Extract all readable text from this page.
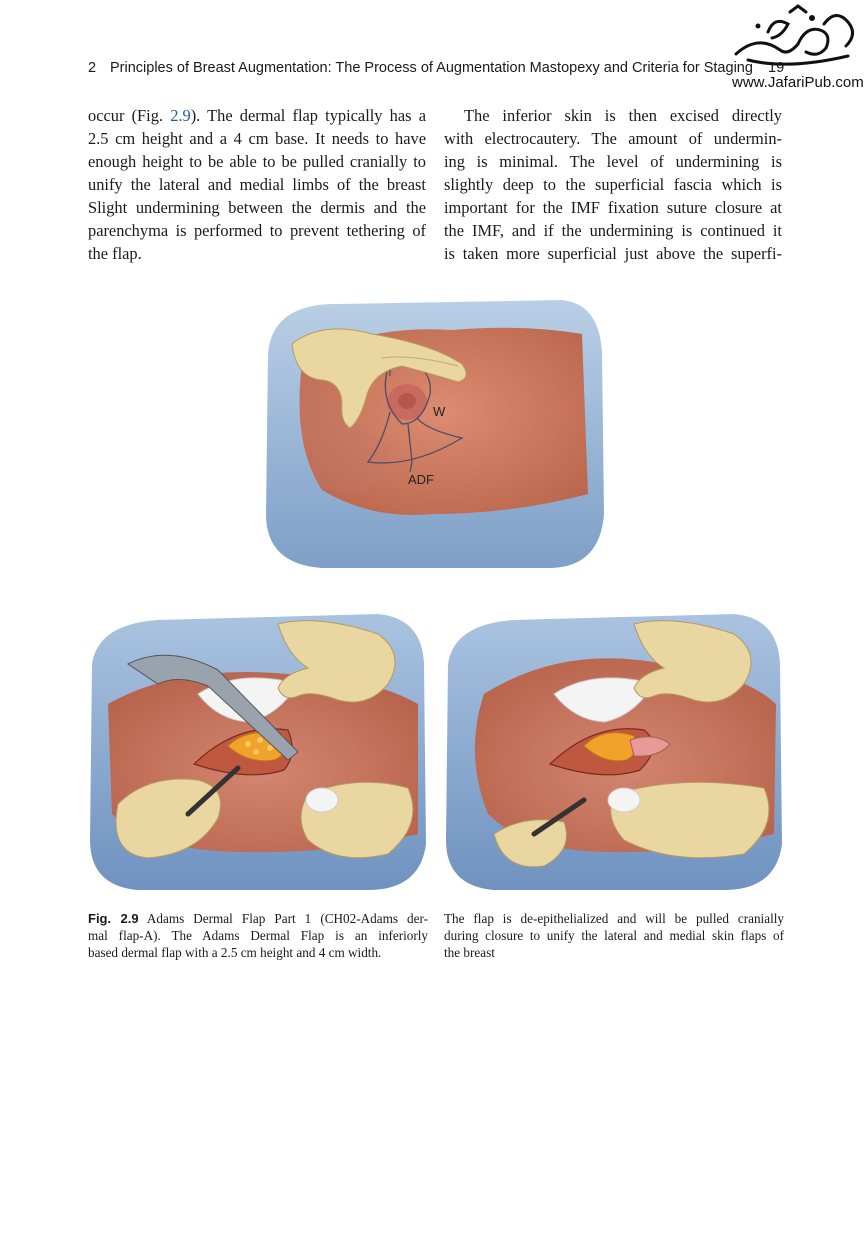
2 Principles of Breast Augmentation: The Process of Augmentation Mastopexy and Criteria for Staging 19
www.JafariPub.com
occur (Fig. 2.9). The dermal flap typically has a
2.5 cm height and a 4 cm base. It needs to have
enough height to be able to be pulled cranially to
unify the lateral and medial limbs of the breast
Slight undermining between the dermis and the
parenchyma is performed to prevent tethering of
the flap.
The inferior skin is then excised directly
with electrocautery. The amount of undermin-
ing is minimal. The level of undermining is
slightly deep to the superficial fascia which is
important for the IMF fixation suture closure at
the IMF, and if the undermining is continued it
is taken more superficial just above the superfi-
W
ADF
Fig. 2.9 Adams Dermal Flap Part 1 (CH02-Adams der-
mal flap-A). The Adams Dermal Flap is an inferiorly
based dermal flap with a 2.5 cm height and 4 cm width.
The flap is de-epithelialized and will be pulled cranially
during closure to unify the lateral and medial skin flaps of
the breast
